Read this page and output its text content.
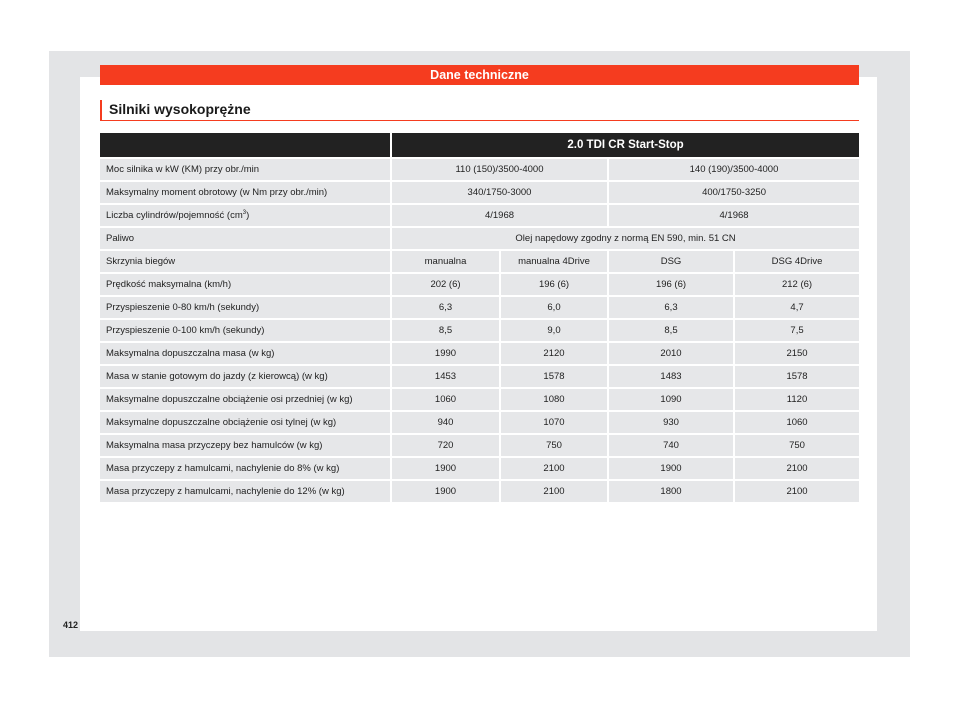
Dane techniczne
Silniki wysokoprężne
	2.0 TDI CR Start-Stop			
Moc silnika w kW (KM) przy obr./min	110 (150)/3500-4000		140 (190)/3500-4000	
Maksymalny moment obrotowy (w Nm przy obr./min)	340/1750-3000		400/1750-3250	
Liczba cylindrów/pojemność $(cm^3)$	4/1968		4/1968	
Paliwo	Olej napędowy zgodny z normą EN 590, min. 51 CN			
Skrzynia biegów	manualna	manualna 4Drive	DSG	DSG 4Drive
Prędkość maksymalna (km/h)	202 (6)	196 (6)	196 (6)	212 (6)
Przyspieszenie 0-80 km/h (sekundy)	6,3	6,0	6,3	4,7
Przyspieszenie 0-100 km/h (sekundy)	8,5	9,0	8,5	7,5
Maksymalna dopuszczalna masa (w kg)	1990	2120	2010	2150
Masa w stanie gotowym do jazdy (z kierowcą) (w kg)	1453	1578	1483	1578
Maksymalne dopuszczalne obciążenie osi przedniej (w kg)	1060	1080	1090	1120
Maksymalne dopuszczalne obciążenie osi tylnej (w kg)	940	1070	930	1060
Maksymalna masa przyczepy bez hamulców (w kg)	720	750	740	750
Masa przyczepy z hamulcami, nachylenie do 8% (w kg)	1900	2100	1900	2100
Masa przyczepy z hamulcami, nachylenie do 12% (w kg)	1900	2100	1800	2100
412
